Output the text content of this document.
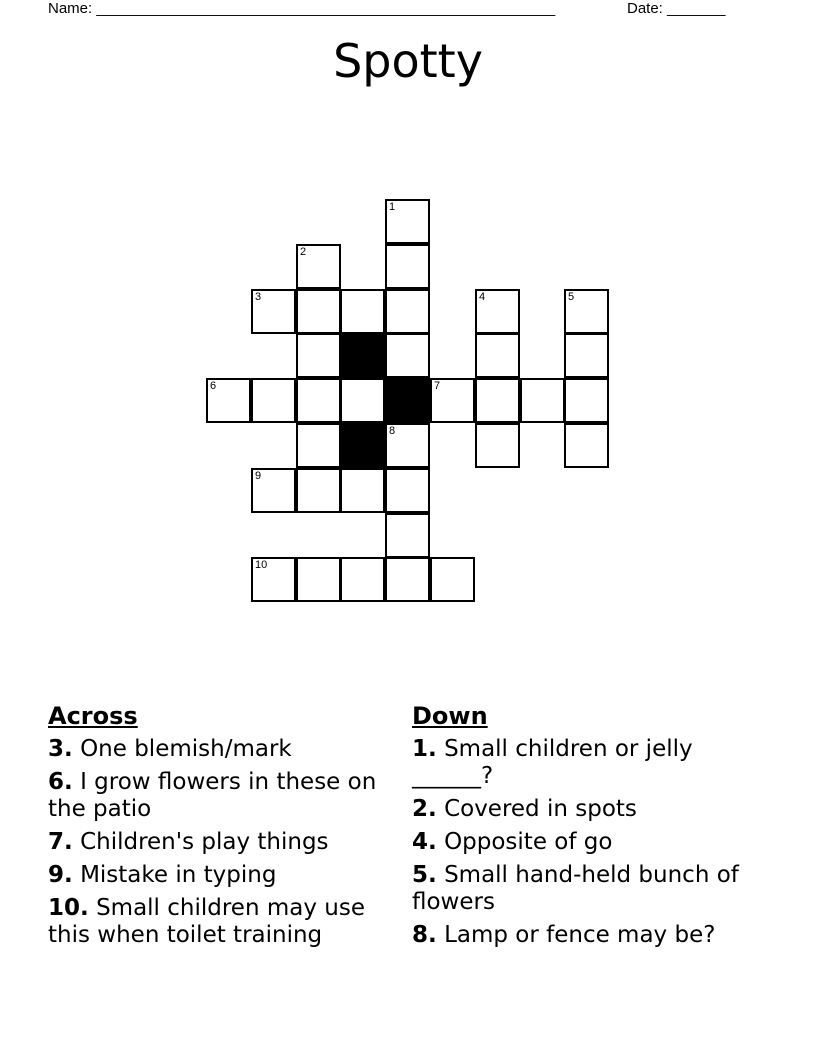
Name: _______________________________________________________	Date: _______
Spotty
1
2
3	4	5
6	7
8
9
10
Across
3. One blemish/mark
6. I grow flowers in these on the patio
7. Children's play things
9. Mistake in typing
10. Small children may use this when toilet training
Down
1. Small children or jelly ______?
2. Covered in spots
4. Opposite of go
5. Small hand-held bunch of flowers
8. Lamp or fence may be?
